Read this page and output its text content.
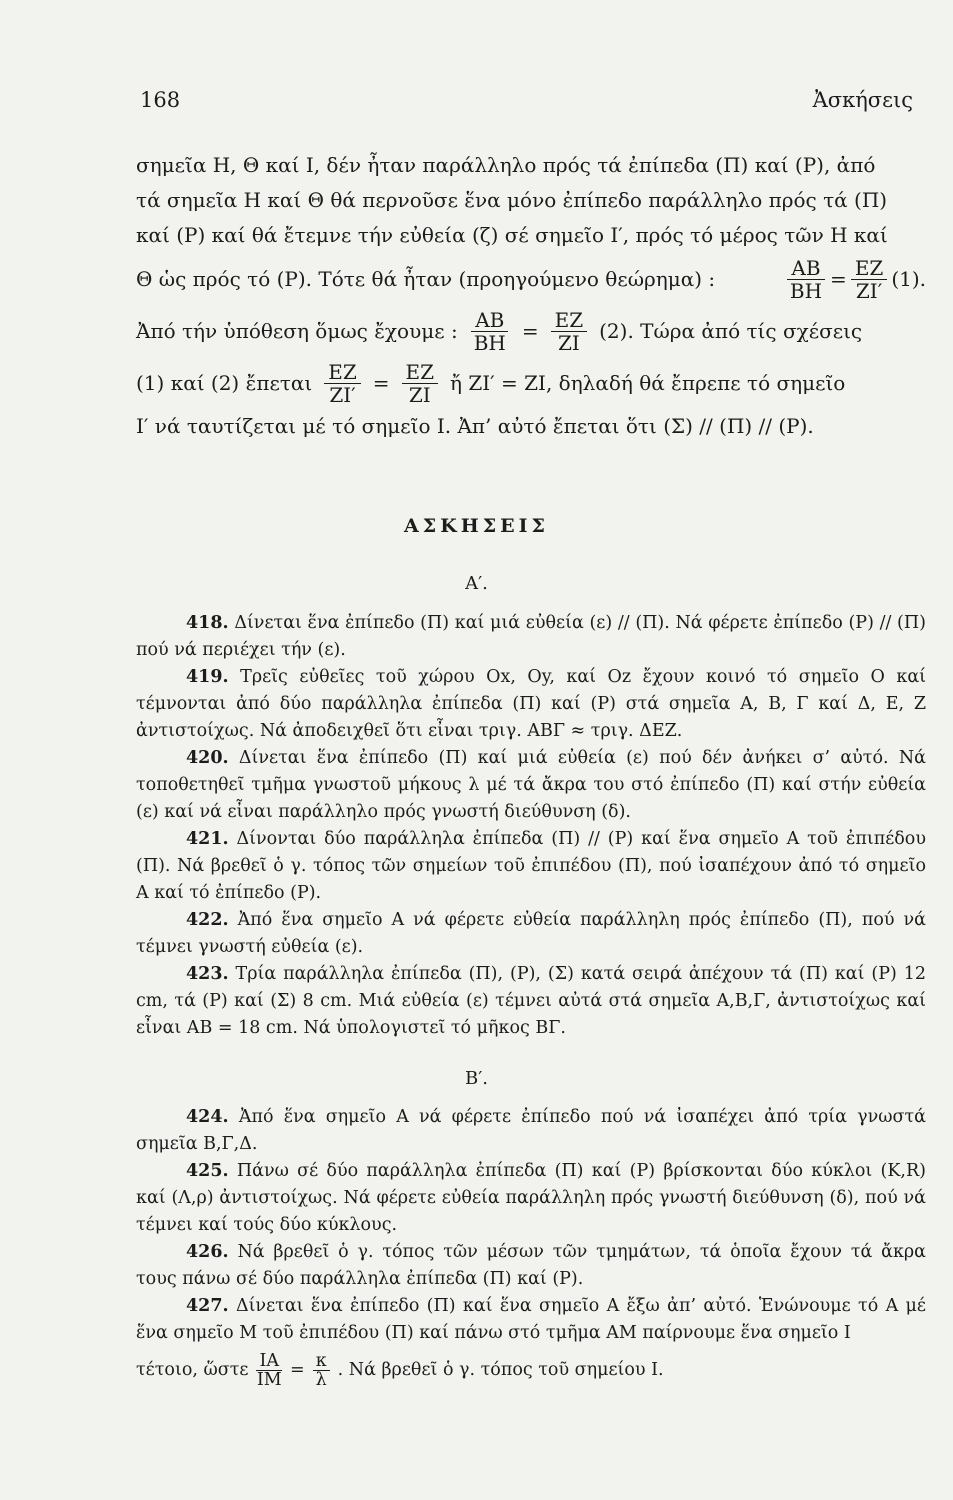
168	Ἀσκήσεις
σημεῖα Η, Θ καί Ι, δέν ἦταν παράλληλο πρός τά ἐπίπεδα (Π) καί (Ρ), ἀπό
τά σημεῖα Η καί Θ θά περνοῦσε ἕνα μόνο ἐπίπεδο παράλληλο πρός τά (Π)
καί (Ρ) καί θά ἔτεμνε τήν εὐθεία (ζ) σέ σημεῖο Ι′, πρός τό μέρος τῶν Η καί
Θ ὡς πρός τό (Ρ). Τότε θά ἦταν (προηγούμενο θεώρημα) :	$\frac{AB}{BH} = \frac{EZ}{ZI'} (1)$.
Ἀπό τήν ὑπόθεση ὅμως ἔχουμε : $\frac{AB}{BH} = \frac{EZ}{ZI} (2)$. Τώρα ἀπό τίς σχέσεις
(1) καί (2) ἔπεται $\frac{EZ}{ZI'} = \frac{EZ}{ZI}$ ἤ ZI′ = ZI, δηλαδή θά ἔπρεπε τό σημεῖο
Ι′ νά ταυτίζεται μέ τό σημεῖο Ι. Ἀπ’ αὐτό ἔπεται ὅτι (Σ) // (Π) // (Ρ).
ΑΣΚΗΣΕΙΣ
Α′.

418. Δίνεται ἕνα ἐπίπεδο (Π) καί μιά εὐθεία (ε) // (Π). Νά φέρετε ἐπίπεδο (Ρ) // (Π) πού νά περιέχει τήν (ε).

419. Τρεῖς εὐθεῖες τοῦ χώρου Ox, Oy, καί Oz ἔχουν κοινό τό σημεῖο O καί τέμνονται ἀπό δύο παράλληλα ἐπίπεδα (Π) καί (Ρ) στά σημεῖα Α, Β, Γ καί Δ, Ε, Ζ ἀντιστοίχως. Νά ἀποδειχθεῖ ὅτι εἶναι τριγ. ΑΒΓ ≈ τριγ. ΔΕΖ.

420. Δίνεται ἕνα ἐπίπεδο (Π) καί μιά εὐθεία (ε) πού δέν ἀνήκει σ’ αὐτό. Νά τοποθετηθεῖ τμῆμα γνωστοῦ μήκους λ μέ τά ἄκρα του στό ἐπίπεδο (Π) καί στήν εὐθεία (ε) καί νά εἶναι παράλληλο πρός γνωστή διεύθυνση (δ).

421. Δίνονται δύο παράλληλα ἐπίπεδα (Π) // (Ρ) καί ἕνα σημεῖο Α τοῦ ἐπιπέδου (Π). Νά βρεθεῖ ὁ γ. τόπος τῶν σημείων τοῦ ἐπιπέδου (Π), πού ἰσαπέχουν ἀπό τό σημεῖο Α καί τό ἐπίπεδο (Ρ).

422. Ἀπό ἕνα σημεῖο Α νά φέρετε εὐθεία παράλληλη πρός ἐπίπεδο (Π), πού νά τέμνει γνωστή εὐθεία (ε).

423. Τρία παράλληλα ἐπίπεδα (Π), (Ρ), (Σ) κατά σειρά ἀπέχουν τά (Π) καί (Ρ) 12 cm, τά (Ρ) καί (Σ) 8 cm. Μιά εὐθεία (ε) τέμνει αὐτά στά σημεῖα Α,Β,Γ, ἀντιστοίχως καί εἶναι ΑΒ = 18 cm. Νά ὑπολογιστεῖ τό μῆκος ΒΓ.

Β′.

424. Ἀπό ἕνα σημεῖο Α νά φέρετε ἐπίπεδο πού νά ἰσαπέχει ἀπό τρία γνωστά σημεῖα Β,Γ,Δ.

425. Πάνω σέ δύο παράλληλα ἐπίπεδα (Π) καί (Ρ) βρίσκονται δύο κύκλοι (Κ,R) καί (Λ,ρ) ἀντιστοίχως. Νά φέρετε εὐθεία παράλληλη πρός γνωστή διεύθυνση (δ), πού νά τέμνει καί τούς δύο κύκλους.

426. Νά βρεθεῖ ὁ γ. τόπος τῶν μέσων τῶν τμημάτων, τά ὁποῖα ἔχουν τά ἄκρα τους πάνω σέ δύο παράλληλα ἐπίπεδα (Π) καί (Ρ).

427. Δίνεται ἕνα ἐπίπεδο (Π) καί ἕνα σημεῖο Α ἔξω ἀπ’ αὐτό. Ἑνώνουμε τό Α μέ ἕνα σημεῖο Μ τοῦ ἐπιπέδου (Π) καί πάνω στό τμῆμα ΑΜ παίρνουμε ἕνα σημεῖο Ι

τέτοιο, ὥστε $\frac{IA}{IM} = \frac{\kappa}{\lambda}$ . Νά βρεθεῖ ὁ γ. τόπος τοῦ σημείου Ι.
